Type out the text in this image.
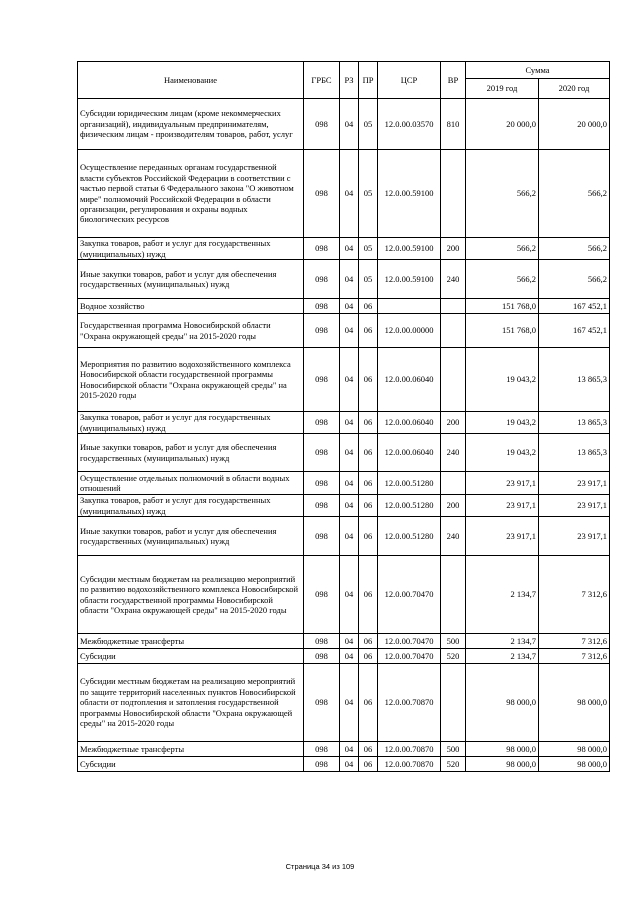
Наименование	ГРБС	РЗ	ПР	ЦСР	ВР	Сумма	
						2019 год	2020 год
Субсидии юридическим лицам (кроме некоммерческих организаций), индивидуальным предпринимателям, физическим лицам - производителям товаров, работ, услуг	098	04	05	12.0.00.03570	810	20 000,0	20 000,0
Осуществление переданных органам государственной власти субъектов Российской Федерации в соответствии с частью первой статьи 6 Федерального закона "О животном мире" полномочий Российской Федерации в области организации, регулирования и охраны водных биологических ресурсов	098	04	05	12.0.00.59100		566,2	566,2
Закупка товаров, работ и услуг для государственных (муниципальных) нужд	098	04	05	12.0.00.59100	200	566,2	566,2
Иные закупки товаров, работ и услуг для обеспечения государственных (муниципальных) нужд	098	04	05	12.0.00.59100	240	566,2	566,2
Водное хозяйство	098	04	06			151 768,0	167 452,1
Государственная программа Новосибирской области "Охрана окружающей среды" на 2015-2020 годы	098	04	06	12.0.00.00000		151 768,0	167 452,1
Мероприятия по развитию водохозяйственного комплекса Новосибирской области государственной программы Новосибирской области "Охрана окружающей среды" на 2015-2020 годы	098	04	06	12.0.00.06040		19 043,2	13 865,3
Закупка товаров, работ и услуг для государственных (муниципальных) нужд	098	04	06	12.0.00.06040	200	19 043,2	13 865,3
Иные закупки товаров, работ и услуг для обеспечения государственных (муниципальных) нужд	098	04	06	12.0.00.06040	240	19 043,2	13 865,3
Осуществление отдельных полномочий в области водных отношений	098	04	06	12.0.00.51280		23 917,1	23 917,1
Закупка товаров, работ и услуг для государственных (муниципальных) нужд	098	04	06	12.0.00.51280	200	23 917,1	23 917,1
Иные закупки товаров, работ и услуг для обеспечения государственных (муниципальных) нужд	098	04	06	12.0.00.51280	240	23 917,1	23 917,1
Субсидии местным бюджетам на реализацию мероприятий по развитию водохозяйственного комплекса Новосибирской области государственной программы Новосибирской области "Охрана окружающей среды" на 2015-2020 годы	098	04	06	12.0.00.70470		2 134,7	7 312,6
Межбюджетные трансферты	098	04	06	12.0.00.70470	500	2 134,7	7 312,6
Субсидии	098	04	06	12.0.00.70470	520	2 134,7	7 312,6
Субсидии местным бюджетам на реализацию мероприятий по защите территорий населенных пунктов Новосибирской области от подтопления и затопления государственной программы Новосибирской области "Охрана окружающей среды" на 2015-2020 годы	098	04	06	12.0.00.70870		98 000,0	98 000,0
Межбюджетные трансферты	098	04	06	12.0.00.70870	500	98 000,0	98 000,0
Субсидии	098	04	06	12.0.00.70870	520	98 000,0	98 000,0
Страница 34 из 109
